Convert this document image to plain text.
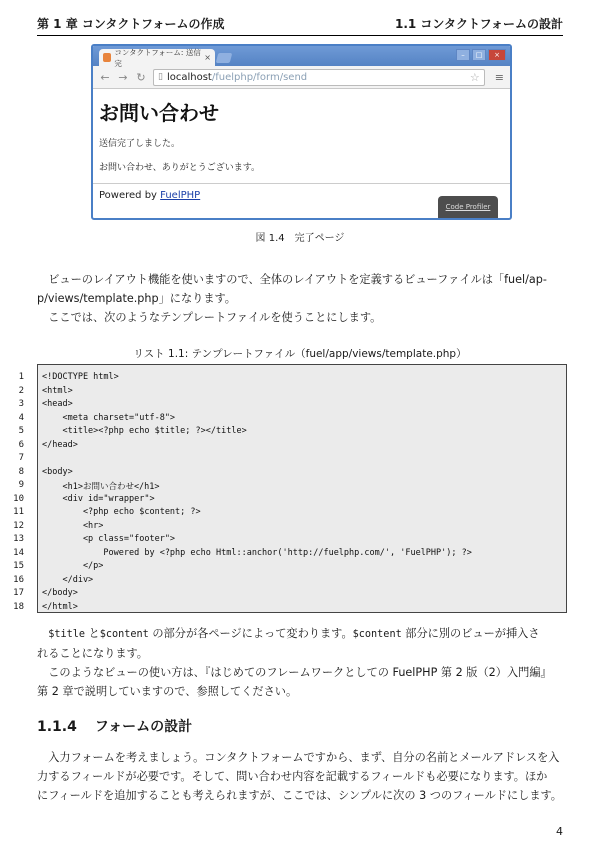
第 1 章 コンタクトフォームの作成	1.1 コンタクトフォームの設計
コンタクトフォーム: 送信完
×	–	□	×
← → ↻ ▯ localhost /fuelphp/form/send	☆	≡
お問い合わせ

送信完了しました。

お問い合わせ、ありがとうございます。

Powered by FuelPHP
Code Profiler
図 1.4　完了ページ
ビューのレイアウト機能を使いますので、全体のレイアウトを定義するビューファイルは「fuel/ap-
p/views/template.php」になります。
ここでは、次のようなテンプレートファイルを使うことにします。
リスト 1.1: テンプレートファイル（fuel/app/views/template.php）
1 <!DOCTYPE html>
2 <html>
3 <head>
4 <meta charset="utf-8">
5 <title><?php echo $title; ?></title>
6 </head>
7
8 <body>
9 <h1>お問い合わせ</h1>
10 <div id="wrapper">
11 <?php echo $content; ?>
12 <hr>
13 <p class="footer">
14 Powered by <?php echo Html::anchor('http://fuelphp.com/', 'FuelPHP'); ?>
15 </p>
16 </div>
17 </body>
18 </html>
$title と$content の部分が各ページによって変わります。$content 部分に別のビューが挿入さ
れることになります。
このようなビューの使い方は、『はじめてのフレームワークとしての FuelPHP 第 2 版（2）入門編』
第 2 章で説明していますので、参照してください。
1.1.4 フォームの設計
入力フォームを考えましょう。コンタクトフォームですから、まず、自分の名前とメールアドレスを入
力するフィールドが必要です。そして、問い合わせ内容を記載するフィールドも必要になります。ほか
にフィールドを追加することも考えられますが、ここでは、シンプルに次の 3 つのフィールドにします。
4
